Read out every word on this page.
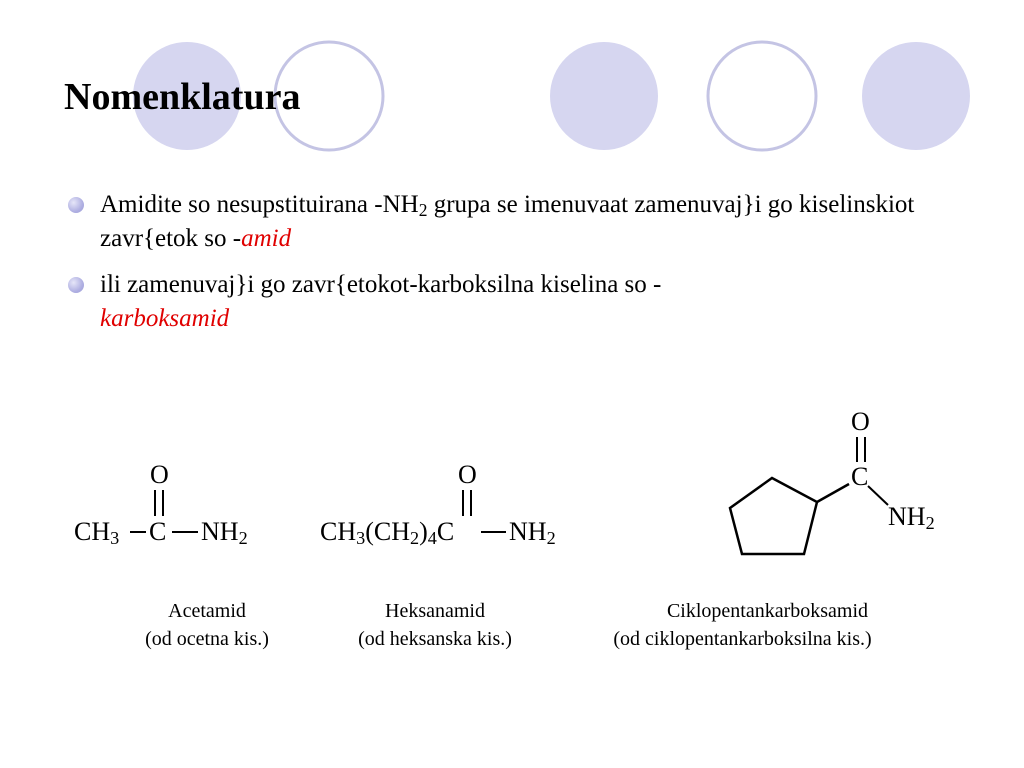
Nomenklatura
Amidite so nesupstituirana $-NH_2$ grupa se imenuvaat zamenuvaj}i go kiselinskiot zavr{etok so -amid
ili zamenuvaj}i go zavr{etokot-karboksilna kiselina so -
karboksamid
O
$CH_3$ C $NH_2$
O
$CH_3(CH_2)_4C$ $NH_2$
O
C
$NH_2$
Acetamid
(od ocetna kis.)
Heksanamid
(od heksanska kis.)
Ciklopentankarboksamid
(od ciklopentankarboksilna kis.)
